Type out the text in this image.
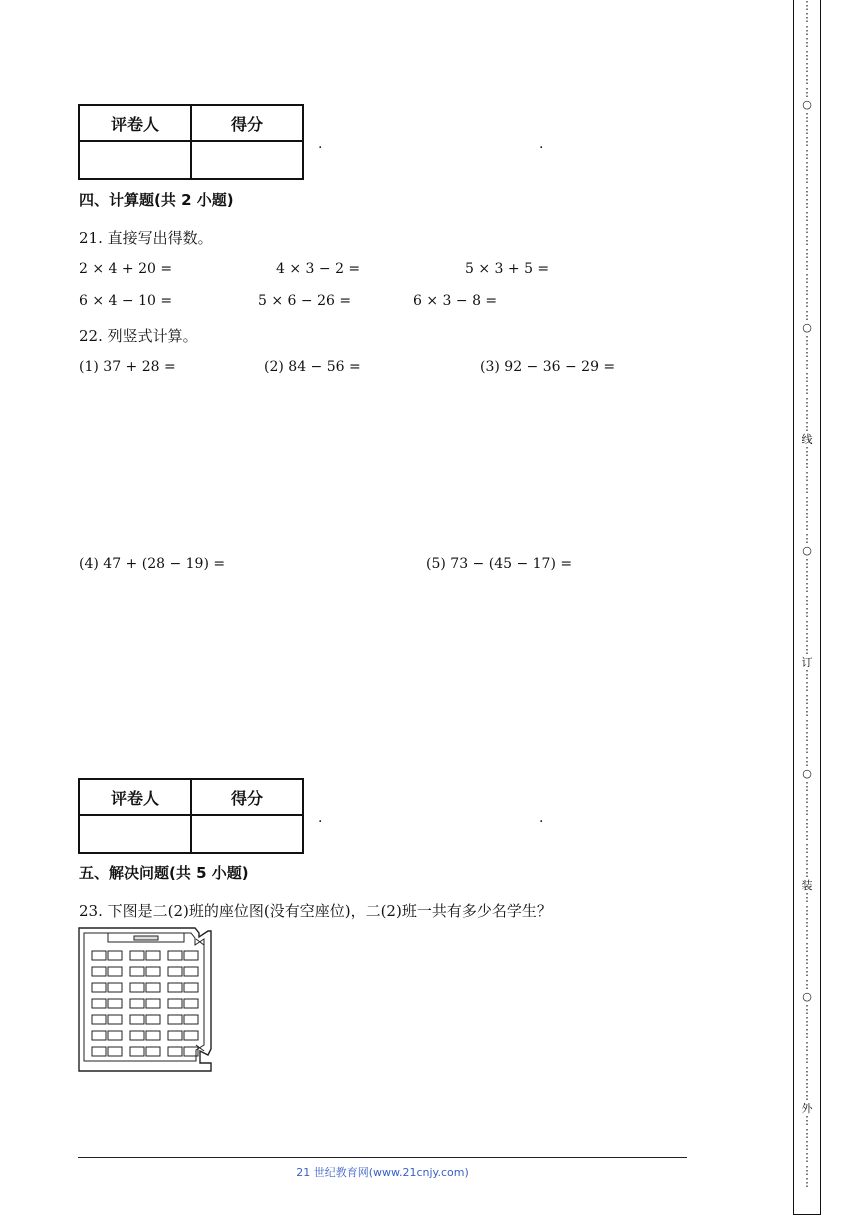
评卷人	得分

.	.
四、计算题(共 2 小题)
21. 直接写出得数。
2 × 4 + 20 =	4 × 3 − 2 =	5 × 3 + 5 =
6 × 4 − 10 =	5 × 6 − 26 =	6 × 3 − 8 =
22. 列竖式计算。
(1) 37 + 28 =	(2) 84 − 56 =	(3) 92 − 36 − 29 =
(4) 47 + (28 − 19) =	(5) 73 − (45 − 17) =
评卷人	得分

.	.
五、解决问题(共 5 小题)
23. 下图是二(2)班的座位图(没有空座位)，二(2)班一共有多少名学生？
21 世纪教育网(www.21cnjy.com)
⋮
⋮
⋮
⋮
⋮
⋮
⋮
⋮
○
⋮
⋮
⋮
⋮
⋮
⋮
⋮
⋮
⋮
⋮
⋮
⋮
⋮
⋮
⋮
⋮
⋮
○
⋮
⋮
⋮
⋮
⋮
⋮
⋮
⋮
线
⋮
⋮
⋮
⋮
⋮
⋮
⋮
⋮
○
⋮
⋮
⋮
⋮
⋮
⋮
⋮
⋮
订
⋮
⋮
⋮
⋮
⋮
⋮
⋮
⋮
○
⋮
⋮
⋮
⋮
⋮
⋮
⋮
⋮
装
⋮
⋮
⋮
⋮
⋮
⋮
⋮
⋮
○
⋮
⋮
⋮
⋮
⋮
⋮
⋮
⋮
外
⋮
⋮
⋮
⋮
⋮
⋮
